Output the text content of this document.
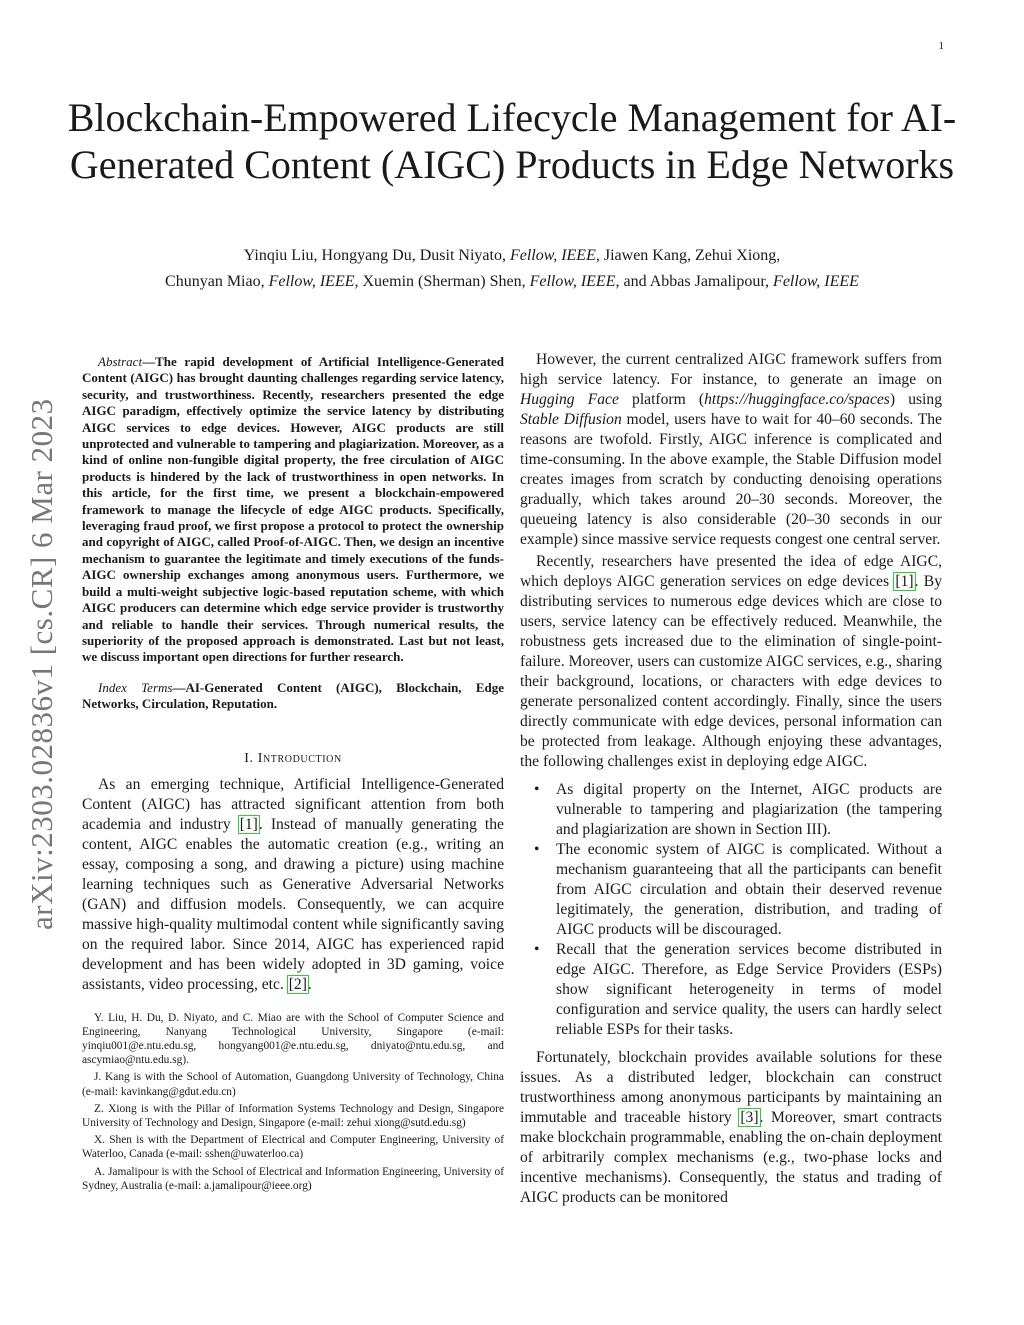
1
arXiv:2303.02836v1 [cs.CR] 6 Mar 2023
Blockchain-Empowered Lifecycle Management for AI-Generated Content (AIGC) Products in Edge Networks
Yinqiu Liu, Hongyang Du, Dusit Niyato, Fellow, IEEE, Jiawen Kang, Zehui Xiong,
Chunyan Miao, Fellow, IEEE, Xuemin (Sherman) Shen, Fellow, IEEE, and Abbas Jamalipour, Fellow, IEEE

Abstract—The rapid development of Artificial Intelligence-Generated Content (AIGC) has brought daunting challenges regarding service latency, security, and trustworthiness. Recently, researchers presented the edge AIGC paradigm, effectively optimize the service latency by distributing AIGC services to edge devices. However, AIGC products are still unprotected and vulnerable to tampering and plagiarization. Moreover, as a kind of online non-fungible digital property, the free circulation of AIGC products is hindered by the lack of trustworthiness in open networks. In this article, for the first time, we present a blockchain-empowered framework to manage the lifecycle of edge AIGC products. Specifically, leveraging fraud proof, we first propose a protocol to protect the ownership and copyright of AIGC, called Proof-of-AIGC. Then, we design an incentive mechanism to guarantee the legitimate and timely executions of the funds-AIGC ownership exchanges among anonymous users. Furthermore, we build a multi-weight subjective logic-based reputation scheme, with which AIGC producers can determine which edge service provider is trustworthy and reliable to handle their services. Through numerical results, the superiority of the proposed approach is demonstrated. Last but not least, we discuss important open directions for further research.

Index Terms—AI-Generated Content (AIGC), Blockchain, Edge Networks, Circulation, Reputation.

I. Introduction

As an emerging technique, Artificial Intelligence-Generated Content (AIGC) has attracted significant attention from both academia and industry [1]. Instead of manually generating the content, AIGC enables the automatic creation (e.g., writing an essay, composing a song, and drawing a picture) using machine learning techniques such as Generative Adversarial Networks (GAN) and diffusion models. Consequently, we can acquire massive high-quality multimodal content while significantly saving on the required labor. Since 2014, AIGC has experienced rapid development and has been widely adopted in 3D gaming, voice assistants, video processing, etc. [2].

Y. Liu, H. Du, D. Niyato, and C. Miao are with the School of Computer Science and Engineering, Nanyang Technological University, Singapore (e-mail: yinqiu001@e.ntu.edu.sg, hongyang001@e.ntu.edu.sg, dniyato@ntu.edu.sg, and ascymiao@ntu.edu.sg).

J. Kang is with the School of Automation, Guangdong University of Technology, China (e-mail: kavinkang@gdut.edu.cn)

Z. Xiong is with the Pillar of Information Systems Technology and Design, Singapore University of Technology and Design, Singapore (e-mail: zehui xiong@sutd.edu.sg)

X. Shen is with the Department of Electrical and Computer Engineering, University of Waterloo, Canada (e-mail: sshen@uwaterloo.ca)

A. Jamalipour is with the School of Electrical and Information Engineering, University of Sydney, Australia (e-mail: a.jamalipour@ieee.org)

However, the current centralized AIGC framework suffers from high service latency. For instance, to generate an image on Hugging Face platform (https://huggingface.co/spaces) using Stable Diffusion model, users have to wait for 40–60 seconds. The reasons are twofold. Firstly, AIGC inference is complicated and time-consuming. In the above example, the Stable Diffusion model creates images from scratch by conducting denoising operations gradually, which takes around 20–30 seconds. Moreover, the queueing latency is also considerable (20–30 seconds in our example) since massive service requests congest one central server.

Recently, researchers have presented the idea of edge AIGC, which deploys AIGC generation services on edge devices [1]. By distributing services to numerous edge devices which are close to users, service latency can be effectively reduced. Meanwhile, the robustness gets increased due to the elimination of single-point-failure. Moreover, users can customize AIGC services, e.g., sharing their background, locations, or characters with edge devices to generate personalized content accordingly. Finally, since the users directly communicate with edge devices, personal information can be protected from leakage. Although enjoying these advantages, the following challenges exist in deploying edge AIGC.

• As digital property on the Internet, AIGC products are vulnerable to tampering and plagiarization (the tampering and plagiarization are shown in Section III).
• The economic system of AIGC is complicated. Without a mechanism guaranteeing that all the participants can benefit from AIGC circulation and obtain their deserved revenue legitimately, the generation, distribution, and trading of AIGC products will be discouraged.
• Recall that the generation services become distributed in edge AIGC. Therefore, as Edge Service Providers (ESPs) show significant heterogeneity in terms of model configuration and service quality, the users can hardly select reliable ESPs for their tasks.

Fortunately, blockchain provides available solutions for these issues. As a distributed ledger, blockchain can construct trustworthiness among anonymous participants by maintaining an immutable and traceable history [3]. Moreover, smart contracts make blockchain programmable, enabling the on-chain deployment of arbitrarily complex mechanisms (e.g., two-phase locks and incentive mechanisms). Consequently, the status and trading of AIGC products can be monitored
